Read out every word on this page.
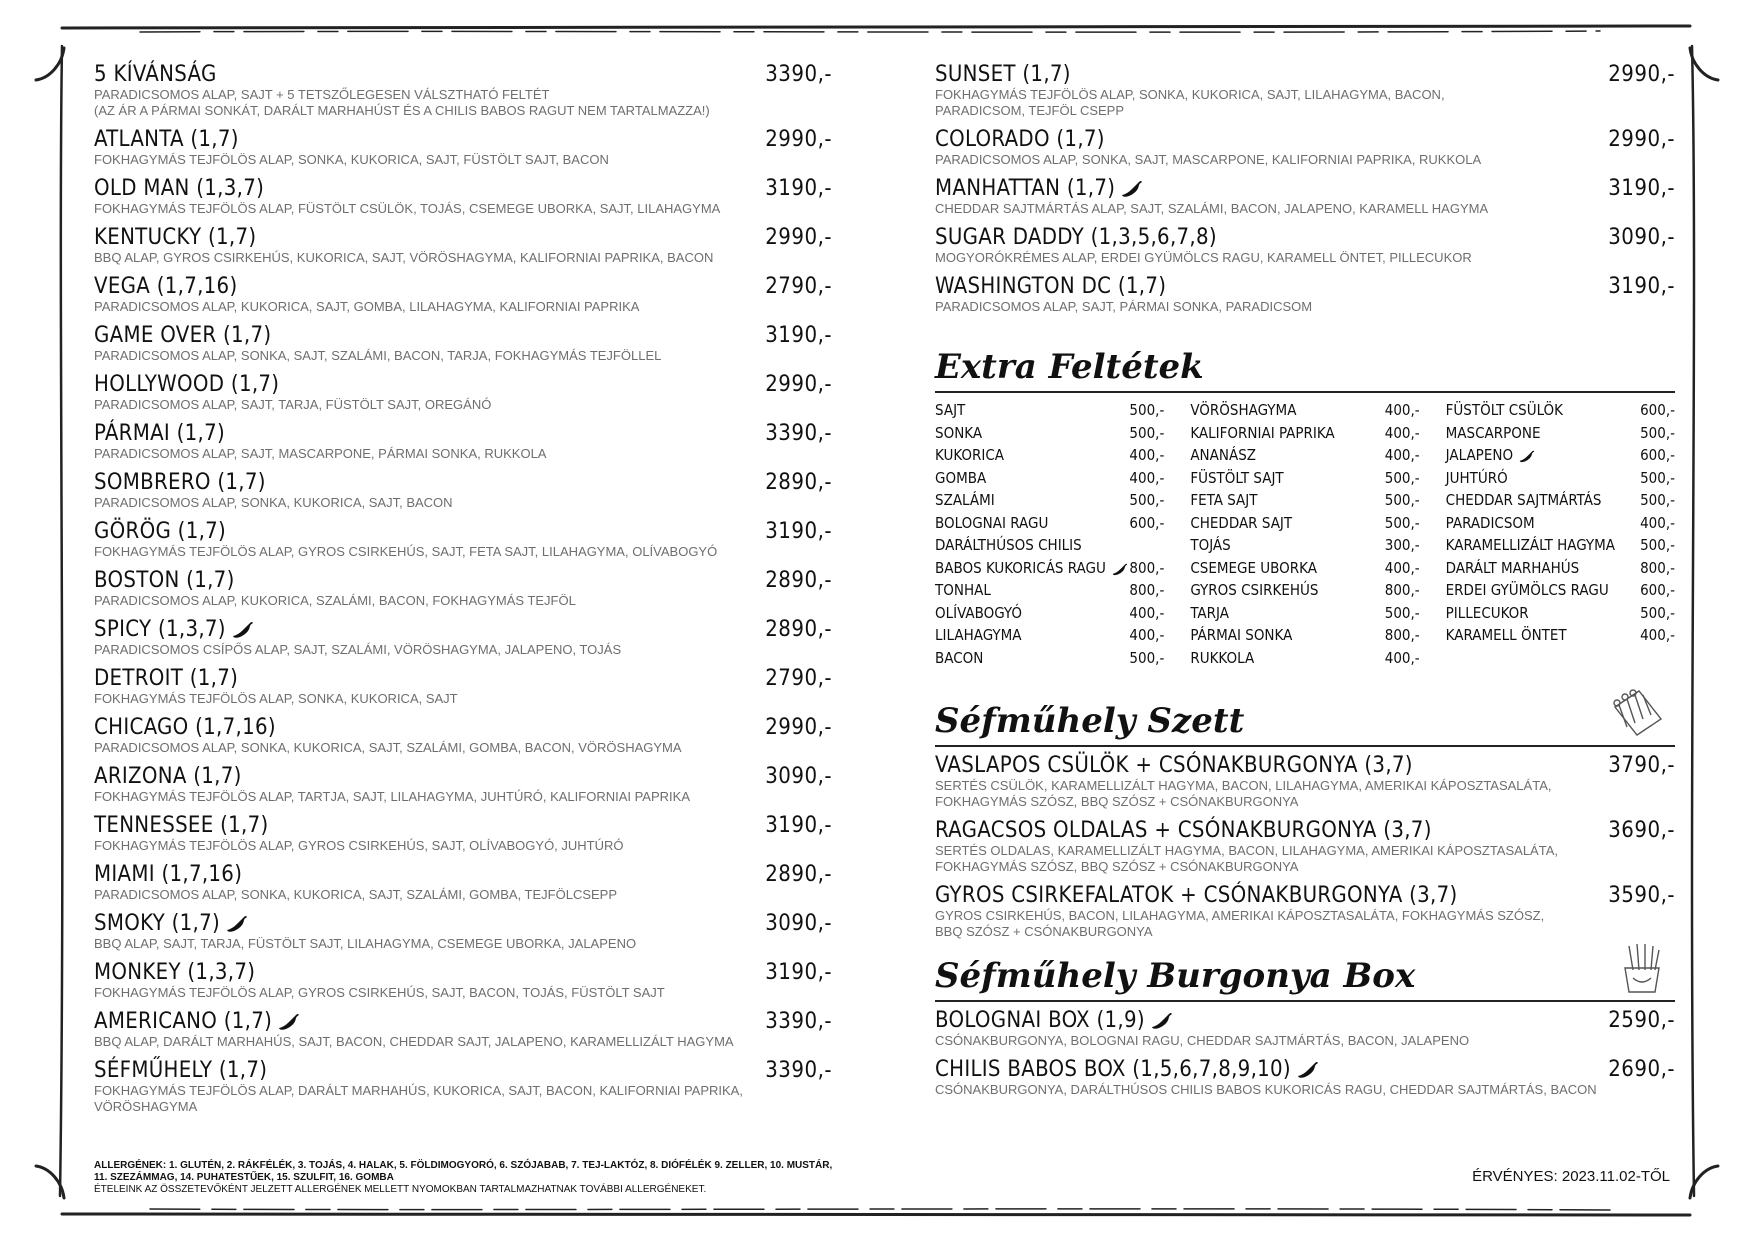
5 KÍVÁNSÁG	3390,-
PARADICSOMOS ALAP, SAJT + 5 TETSZŐLEGESEN VÁLSZTHATÓ FELTÉT
(AZ ÁR A PÁRMAI SONKÁT, DARÁLT MARHAHÚST ÉS A CHILIS BABOS RAGUT NEM TARTALMAZZA!)
ATLANTA (1,7)	2990,-
FOKHAGYMÁS TEJFÖLÖS ALAP, SONKA, KUKORICA, SAJT, FÜSTÖLT SAJT, BACON
OLD MAN (1,3,7)	3190,-
FOKHAGYMÁS TEJFÖLÖS ALAP, FÜSTÖLT CSÜLÖK, TOJÁS, CSEMEGE UBORKA, SAJT, LILAHAGYMA
KENTUCKY (1,7)	2990,-
BBQ ALAP, GYROS CSIRKEHÚS, KUKORICA, SAJT, VÖRÖSHAGYMA, KALIFORNIAI PAPRIKA, BACON
VEGA (1,7,16)	2790,-
PARADICSOMOS ALAP, KUKORICA, SAJT, GOMBA, LILAHAGYMA, KALIFORNIAI PAPRIKA
GAME OVER (1,7)	3190,-
PARADICSOMOS ALAP, SONKA, SAJT, SZALÁMI, BACON, TARJA, FOKHAGYMÁS TEJFÖLLEL
HOLLYWOOD (1,7)	2990,-
PARADICSOMOS ALAP, SAJT, TARJA, FÜSTÖLT SAJT, OREGÁNÓ
PÁRMAI (1,7)	3390,-
PARADICSOMOS ALAP, SAJT, MASCARPONE, PÁRMAI SONKA, RUKKOLA
SOMBRERO (1,7)	2890,-
PARADICSOMOS ALAP, SONKA, KUKORICA, SAJT, BACON
GÖRÖG (1,7)	3190,-
FOKHAGYMÁS TEJFÖLÖS ALAP, GYROS CSIRKEHÚS, SAJT, FETA SAJT, LILAHAGYMA, OLÍVABOGYÓ
BOSTON (1,7)	2890,-
PARADICSOMOS ALAP, KUKORICA, SZALÁMI, BACON, FOKHAGYMÁS TEJFÖL
SPICY (1,3,7)	2890,-
PARADICSOMOS CSÍPŐS ALAP, SAJT, SZALÁMI, VÖRÖSHAGYMA, JALAPENO, TOJÁS
DETROIT (1,7)	2790,-
FOKHAGYMÁS TEJFÖLÖS ALAP, SONKA, KUKORICA, SAJT
CHICAGO (1,7,16)	2990,-
PARADICSOMOS ALAP, SONKA, KUKORICA, SAJT, SZALÁMI, GOMBA, BACON, VÖRÖSHAGYMA
ARIZONA (1,7)	3090,-
FOKHAGYMÁS TEJFÖLÖS ALAP, TARTJA, SAJT, LILAHAGYMA, JUHTÚRÓ, KALIFORNIAI PAPRIKA
TENNESSEE (1,7)	3190,-
FOKHAGYMÁS TEJFÖLÖS ALAP, GYROS CSIRKEHÚS, SAJT, OLÍVABOGYÓ, JUHTÚRÓ
MIAMI (1,7,16)	2890,-
PARADICSOMOS ALAP, SONKA, KUKORICA, SAJT, SZALÁMI, GOMBA, TEJFÖLCSEPP
SMOKY (1,7)	3090,-
BBQ ALAP, SAJT, TARJA, FÜSTÖLT SAJT, LILAHAGYMA, CSEMEGE UBORKA, JALAPENO
MONKEY (1,3,7)	3190,-
FOKHAGYMÁS TEJFÖLÖS ALAP, GYROS CSIRKEHÚS, SAJT, BACON, TOJÁS, FÜSTÖLT SAJT
AMERICANO (1,7)	3390,-
BBQ ALAP, DARÁLT MARHAHÚS, SAJT, BACON, CHEDDAR SAJT, JALAPENO, KARAMELLIZÁLT HAGYMA
SÉFMŰHELY (1,7)	3390,-
FOKHAGYMÁS TEJFÖLÖS ALAP, DARÁLT MARHAHÚS, KUKORICA, SAJT, BACON, KALIFORNIAI PAPRIKA,
VÖRÖSHAGYMA
SUNSET (1,7)	2990,-
FOKHAGYMÁS TEJFÖLÖS ALAP, SONKA, KUKORICA, SAJT, LILAHAGYMA, BACON,
PARADICSOM, TEJFÖL CSEPP
COLORADO (1,7)	2990,-
PARADICSOMOS ALAP, SONKA, SAJT, MASCARPONE, KALIFORNIAI PAPRIKA, RUKKOLA
MANHATTAN (1,7)	3190,-
CHEDDAR SAJTMÁRTÁS ALAP, SAJT, SZALÁMI, BACON, JALAPENO, KARAMELL HAGYMA
SUGAR DADDY (1,3,5,6,7,8)	3090,-
MOGYORÓKRÉMES ALAP, ERDEI GYÜMÖLCS RAGU, KARAMELL ÖNTET, PILLECUKOR
WASHINGTON DC (1,7)	3190,-
PARADICSOMOS ALAP, SAJT, PÁRMAI SONKA, PARADICSOM
Extra Feltétek
SAJT	500,-
SONKA	500,-
KUKORICA	400,-
GOMBA	400,-
SZALÁMI	500,-
BOLOGNAI RAGU	600,-
DARÁLTHÚSOS CHILIS
BABOS KUKORICÁS RAGU	800,-
TONHAL	800,-
OLÍVABOGYÓ	400,-
LILAHAGYMA	400,-
BACON	500,-
VÖRÖSHAGYMA	400,-
KALIFORNIAI PAPRIKA	400,-
ANANÁSZ	400,-
FÜSTÖLT SAJT	500,-
FETA SAJT	500,-
CHEDDAR SAJT	500,-
TOJÁS	300,-
CSEMEGE UBORKA	400,-
GYROS CSIRKEHÚS	800,-
TARJA	500,-
PÁRMAI SONKA	800,-
RUKKOLA	400,-
FÜSTÖLT CSÜLÖK	600,-
MASCARPONE	500,-
JALAPENO	600,-
JUHTÚRÓ	500,-
CHEDDAR SAJTMÁRTÁS	500,-
PARADICSOM	400,-
KARAMELLIZÁLT HAGYMA 500,-
DARÁLT MARHAHÚS	800,-
ERDEI GYÜMÖLCS RAGU 600,-
PILLECUKOR	500,-
KARAMELL ÖNTET	400,-
Séfműhely Szett
VASLAPOS CSÜLÖK + CSÓNAKBURGONYA (3,7)	3790,-
SERTÉS CSÜLÖK, KARAMELLIZÁLT HAGYMA, BACON, LILAHAGYMA, AMERIKAI KÁPOSZTASALÁTA,
FOKHAGYMÁS SZÓSZ, BBQ SZÓSZ + CSÓNAKBURGONYA
RAGACSOS OLDALAS + CSÓNAKBURGONYA (3,7)	3690,-
SERTÉS OLDALAS, KARAMELLIZÁLT HAGYMA, BACON, LILAHAGYMA, AMERIKAI KÁPOSZTASALÁTA,
FOKHAGYMÁS SZÓSZ, BBQ SZÓSZ + CSÓNAKBURGONYA
GYROS CSIRKEFALATOK + CSÓNAKBURGONYA (3,7)	3590,-
GYROS CSIRKEHÚS, BACON, LILAHAGYMA, AMERIKAI KÁPOSZTASALÁTA, FOKHAGYMÁS SZÓSZ,
BBQ SZÓSZ + CSÓNAKBURGONYA
Séfműhely Burgonya Box
BOLOGNAI BOX (1,9)	2590,-
CSÓNAKBURGONYA, BOLOGNAI RAGU, CHEDDAR SAJTMÁRTÁS, BACON, JALAPENO
CHILIS BABOS BOX (1,5,6,7,8,9,10)	2690,-
CSÓNAKBURGONYA, DARÁLTHÚSOS CHILIS BABOS KUKORICÁS RAGU, CHEDDAR SAJTMÁRTÁS, BACON
ALLERGÉNEK: 1. GLUTÉN, 2. RÁKFÉLÉK, 3. TOJÁS, 4. HALAK, 5. FÖLDIMOGYORÓ, 6. SZÓJABAB, 7. TEJ-LAKTÓZ, 8. DIÓFÉLÉK 9. ZELLER, 10. MUSTÁR,
11. SZEZÁMMAG, 14. PUHATESTŰEK, 15. SZULFIT, 16. GOMBA
ÉTELEINK AZ ÖSSZETEVŐKÉNT JELZETT ALLERGÉNEK MELLETT NYOMOKBAN TARTALMAZHATNAK TOVÁBBI ALLERGÉNEKET.
ÉRVÉNYES: 2023.11.02-TŐL
